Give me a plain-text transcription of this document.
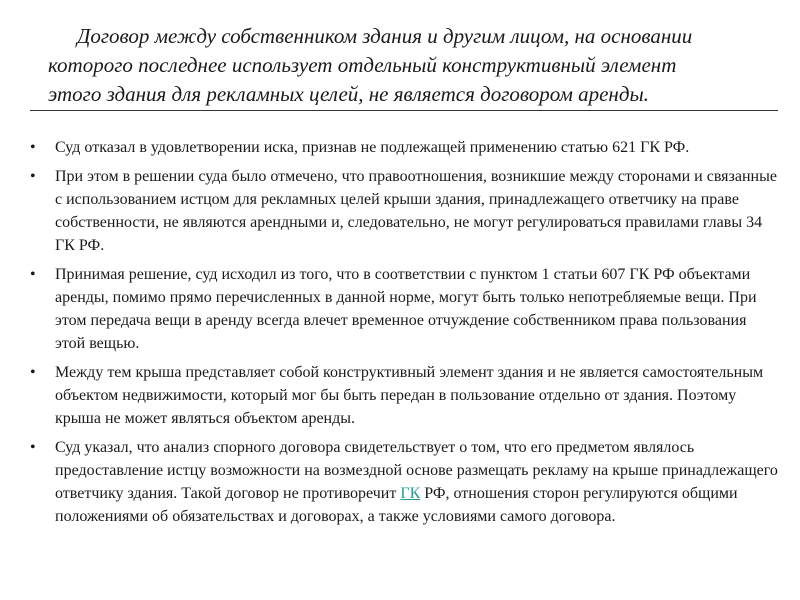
Договор между собственником здания и другим лицом, на основании
которого последнее использует отдельный конструктивный элемент
этого здания для рекламных целей, не является договором аренды.
• Суд отказал в удовлетворении иска, признав не подлежащей применению статью 621 ГК РФ.
• При этом в решении суда было отмечено, что правоотношения, возникшие между сторонами и связанные с использованием истцом для рекламных целей крыши здания, принадлежащего ответчику на праве собственности, не являются арендными и, следовательно, не могут регулироваться правилами главы 34 ГК РФ.
• Принимая решение, суд исходил из того, что в соответствии с пунктом 1 статьи 607 ГК РФ объектами аренды, помимо прямо перечисленных в данной норме, могут быть только непотребляемые вещи. При этом передача вещи в аренду всегда влечет временное отчуждение собственником права пользования этой вещью.
• Между тем крыша представляет собой конструктивный элемент здания и не является самостоятельным объектом недвижимости, который мог бы быть передан в пользование отдельно от здания. Поэтому крыша не может являться объектом аренды.
• Суд указал, что анализ спорного договора свидетельствует о том, что его предметом являлось предоставление истцу возможности на возмездной основе размещать рекламу на крыше принадлежащего ответчику здания. Такой договор не противоречит ГК РФ, отношения сторон регулируются общими положениями об обязательствах и договорах, а также условиями самого договора.
